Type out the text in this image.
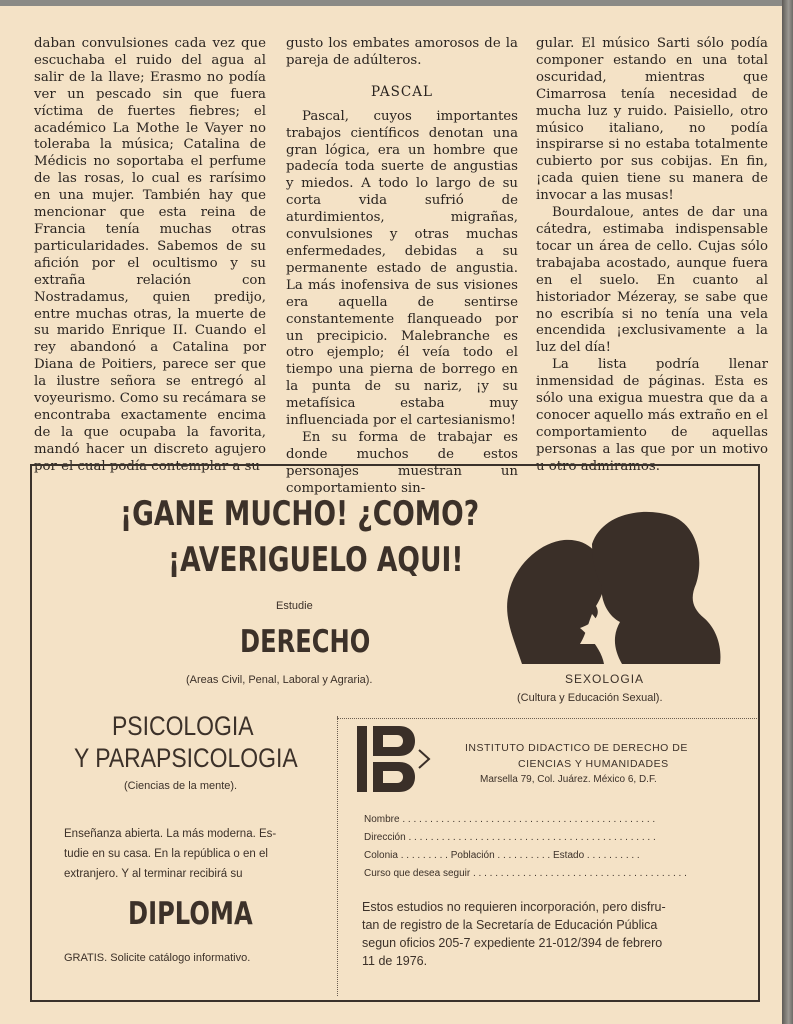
daban convulsiones cada vez que escuchaba el ruido del agua al salir de la llave; Erasmo no podía ver un pescado sin que fuera víctima de fuertes fiebres; el académico La Mothe le Vayer no toleraba la música; Catalina de Médicis no soportaba el perfume de las rosas, lo cual es rarísimo en una mujer. También hay que mencionar que esta reina de Francia tenía muchas otras particularidades. Sabemos de su afición por el ocultismo y su extraña relación con Nostradamus, quien predijo, entre muchas otras, la muerte de su marido Enrique II. Cuando el rey abandonó a Catalina por Diana de Poitiers, parece ser que la ilustre señora se entregó al voyeurismo. Como su recámara se encontraba exactamente encima de la que ocupaba la favorita, mandó hacer un discreto agujero por el cual podía contemplar a su

gusto los embates amorosos de la pareja de adúlteros.

PASCAL

Pascal, cuyos importantes trabajos científicos denotan una gran lógica, era un hombre que padecía toda suerte de angustias y miedos. A todo lo largo de su corta vida sufrió de aturdimientos, migrañas, convulsiones y otras muchas enfermedades, debidas a su permanente estado de angustia. La más inofensiva de sus visiones era aquella de sentirse constantemente flanqueado por un precipicio. Malebranche es otro ejemplo; él veía todo el tiempo una pierna de borrego en la punta de su nariz, ¡y su metafísica estaba muy influenciada por el cartesianismo!

En su forma de trabajar es donde muchos de estos personajes muestran un comportamiento sin-

gular. El músico Sarti sólo podía componer estando en una total oscuridad, mientras que Cimarrosa tenía necesidad de mucha luz y ruido. Paisiello, otro músico italiano, no podía inspirarse si no estaba totalmente cubierto por sus cobijas. En fin, ¡cada quien tiene su manera de invocar a las musas!

Bourdaloue, antes de dar una cátedra, estimaba indispensable tocar un área de cello. Cujas sólo trabajaba acostado, aunque fuera en el suelo. En cuanto al historiador Mézeray, se sabe que no escribía si no tenía una vela encendida ¡exclusivamente a la luz del día!

La lista podría llenar inmensidad de páginas. Esta es sólo una exigua muestra que da a conocer aquello más extraño en el comportamiento de aquellas personas a las que por un motivo u otro admiramos.

¡GANE MUCHO! ¿COMO?
¡AVERIGUELO AQUI!
Estudie
DERECHO
(Areas Civil, Penal, Laboral y Agraria).	SEXOLOGIA
(Cultura y Educación Sexual).
PSICOLOGIA
Y PARAPSICOLOGIA
(Ciencias de la mente).
INSTITUTO DIDACTICO DE DERECHO DE
CIENCIAS Y HUMANIDADES
Marsella 79, Col. Juárez. México 6, D.F.
Enseñanza abierta. La más moderna. Es-
tudie en su casa. En la república o en el
extranjero. Y al terminar recibirá su
DIPLOMA
GRATIS. Solicite catálogo informativo.
Nombre . . . . . . . . . . . . . . . . . . . . . . . . . . . . . . . . . . . . . . . . . . . . . .
Dirección . . . . . . . . . . . . . . . . . . . . . . . . . . . . . . . . . . . . . . . . . . . . .
Colonia . . . . . . . . . Población . . . . . . . . . . Estado . . . . . . . . . .
Curso que desea seguir . . . . . . . . . . . . . . . . . . . . . . . . . . . . . . . . . . . . . . .
Estos estudios no requieren incorporación, pero disfru-
tan de registro de la Secretaría de Educación Pública
segun oficios 205-7 expediente 21-012/394 de febrero
11 de 1976.
